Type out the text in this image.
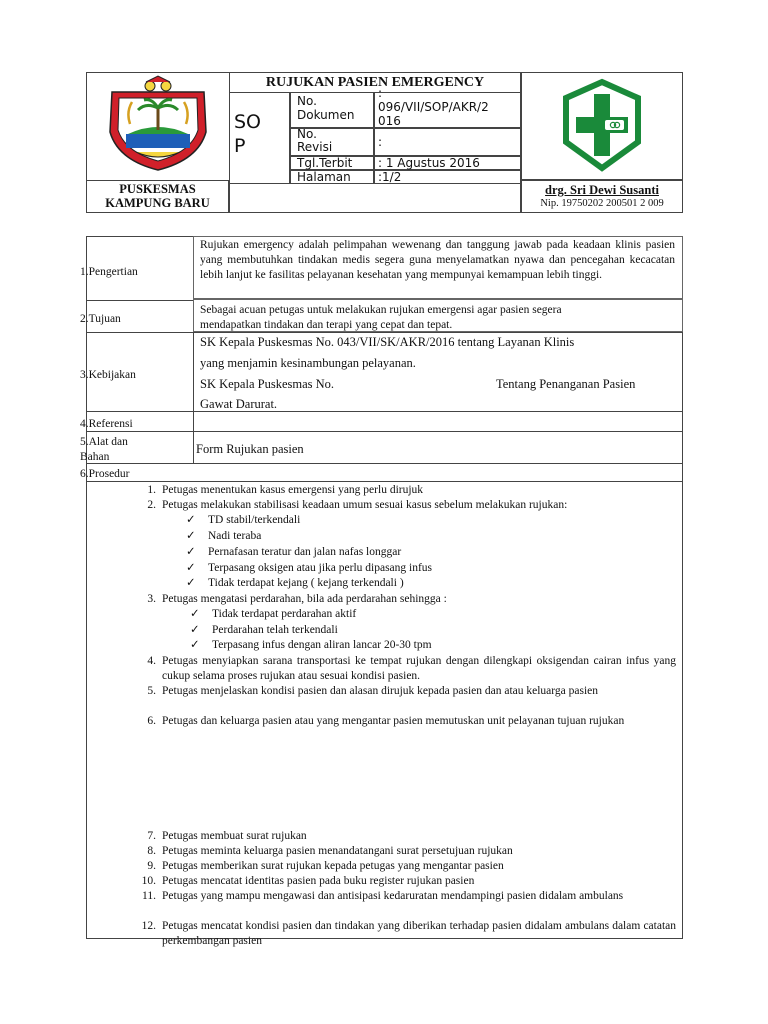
PUSKESMAS
KAMPUNG BARU
RUJUKAN PASIEN EMERGENCY
SO
P
No.
Dokumen
:
096/VII/SOP/AKR/2
016
No.
Revisi	:
Tgl.Terbit : 1 Agustus 2016
Halaman :1/2
drg. Sri Dewi Susanti
Nip. 19750202 200501 2 009
1.Pengertian
Rujukan emergency adalah pelimpahan wewenang dan tanggung jawab pada keadaan klinis pasien yang membutuhkan tindakan medis segera guna menyelamatkan nyawa dan pencegahan kecacatan lebih lanjut ke fasilitas pelayanan kesehatan yang mempunyai kemampuan lebih tinggi.
2.Tujuan
Sebagai acuan petugas untuk melakukan rujukan emergensi agar pasien segera mendapatkan tindakan dan terapi yang cepat dan tepat.
3.Kebijakan
SK Kepala Puskesmas No. 043/VII/SK/AKR/2016 tentang Layanan Klinis
yang menjamin kesinambungan pelayanan.
SK Kepala Puskesmas No.	Tentang Penanganan Pasien
Gawat Darurat.
4.Referensi
5.Alat dan
Bahan
Form Rujukan pasien
6.Prosedur
1. Petugas menentukan kasus emergensi yang perlu dirujuk
2. Petugas melakukan stabilisasi keadaan umum sesuai kasus sebelum melakukan rujukan:
✓ TD stabil/terkendali
✓ Nadi teraba
✓ Pernafasan teratur dan jalan nafas longgar
✓ Terpasang oksigen atau jika perlu dipasang infus
✓ Tidak terdapat kejang ( kejang terkendali )
3. Petugas mengatasi perdarahan, bila ada perdarahan sehingga :
✓ Tidak terdapat perdarahan aktif
✓ Perdarahan telah terkendali
✓ Terpasang infus dengan aliran lancar 20-30 tpm
4. Petugas menyiapkan sarana transportasi ke tempat rujukan dengan dilengkapi oksigendan cairan infus yang cukup selama proses rujukan atau sesuai kondisi pasien.
5. Petugas menjelaskan kondisi pasien dan alasan dirujuk kepada pasien dan atau keluarga pasien
6. Petugas dan keluarga pasien atau yang mengantar pasien memutuskan unit pelayanan tujuan rujukan
7. Petugas membuat surat rujukan
8. Petugas meminta keluarga pasien menandatangani surat persetujuan rujukan
9. Petugas memberikan surat rujukan kepada petugas yang mengantar pasien
10. Petugas mencatat identitas pasien pada buku register rujukan pasien
11. Petugas yang mampu mengawasi dan antisipasi kedaruratan mendampingi pasien didalam ambulans
12. Petugas mencatat kondisi pasien dan tindakan yang diberikan terhadap pasien didalam ambulans dalam catatan perkembangan pasien
